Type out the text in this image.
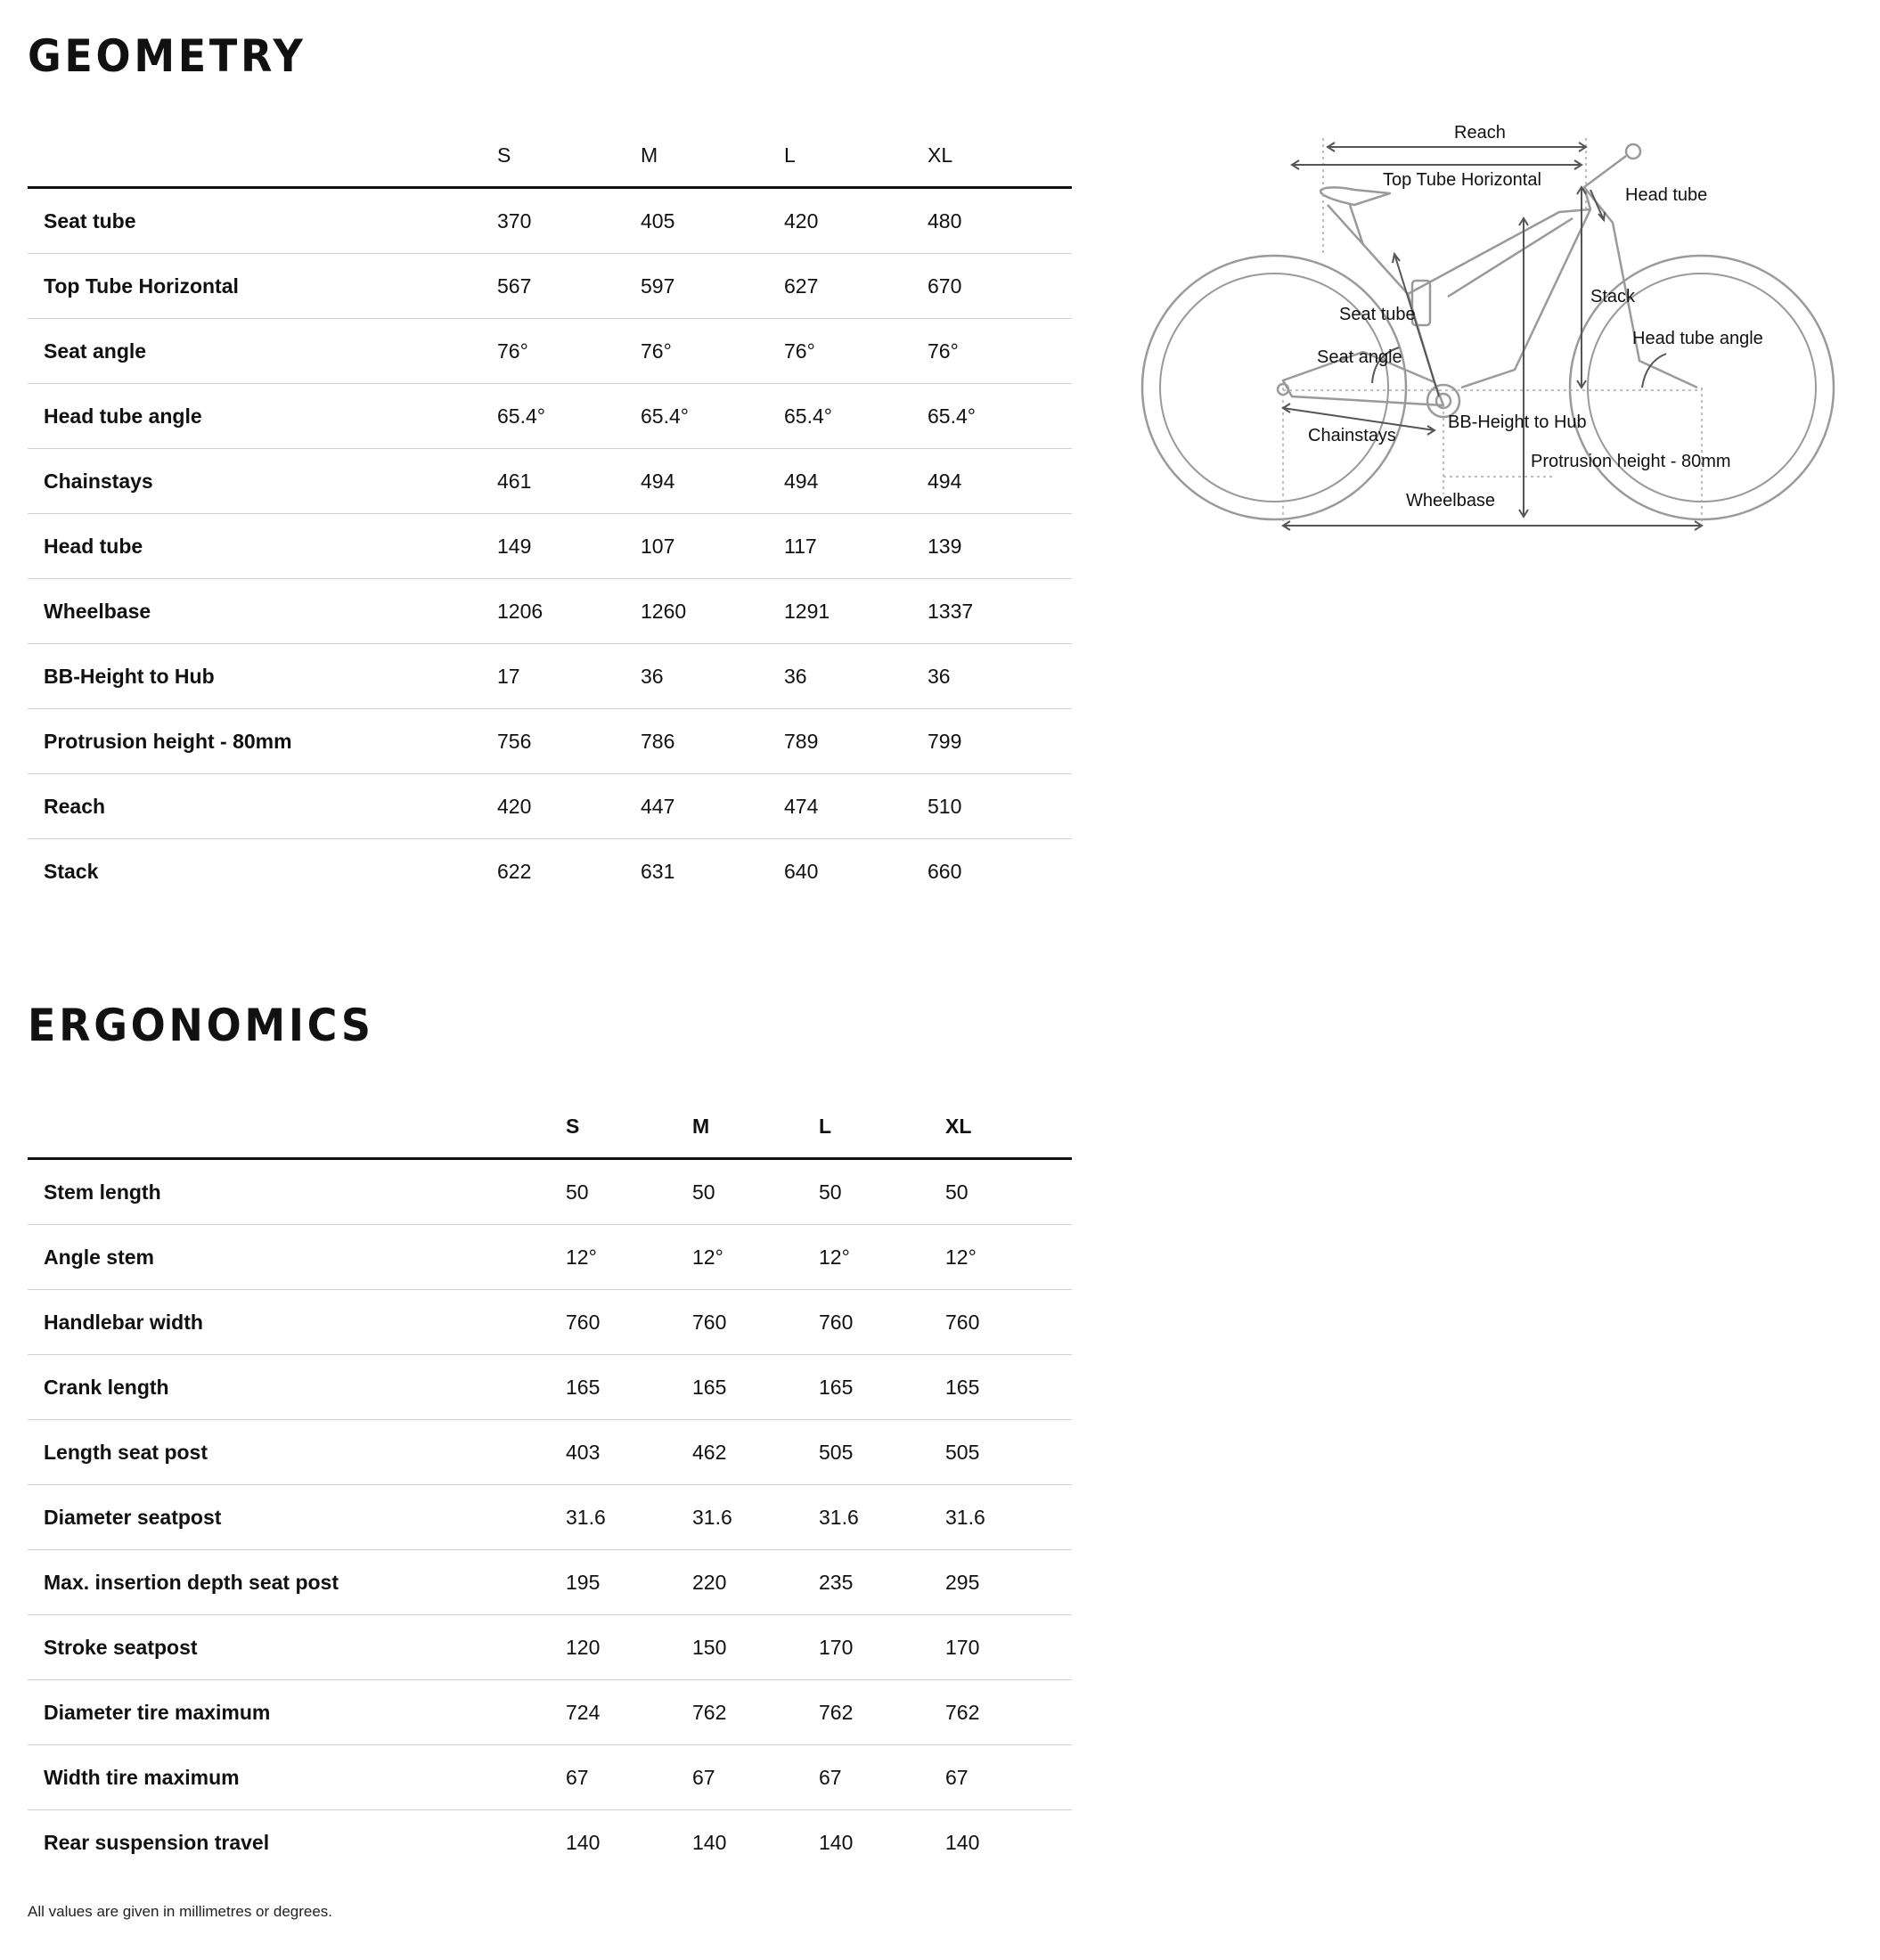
GEOMETRY
	S	M	L	XL
Seat tube	370	405	420	480
Top Tube Horizontal	567	597	627	670
Seat angle	76°	76°	76°	76°
Head tube angle	65.4°	65.4°	65.4°	65.4°
Chainstays	461	494	494	494
Head tube	149	107	117	139
Wheelbase	1206	1260	1291	1337
BB-Height to Hub	17	36	36	36
Protrusion height - 80mm	756	786	789	799
Reach	420	447	474	510
Stack	622	631	640	660
Reach
Top Tube Horizontal
Head tube
Stack
Seat tube
Head tube angle
Seat angle
Chainstays
BB-Height to Hub
Protrusion height - 80mm
Wheelbase
ERGONOMICS
	S	M	L	XL
Stem length	50	50	50	50
Angle stem	12°	12°	12°	12°
Handlebar width	760	760	760	760
Crank length	165	165	165	165
Length seat post	403	462	505	505
Diameter seatpost	31.6	31.6	31.6	31.6
Max. insertion depth seat post	195	220	235	295
Stroke seatpost	120	150	170	170
Diameter tire maximum	724	762	762	762
Width tire maximum	67	67	67	67
Rear suspension travel	140	140	140	140

All values are given in millimetres or degrees.
